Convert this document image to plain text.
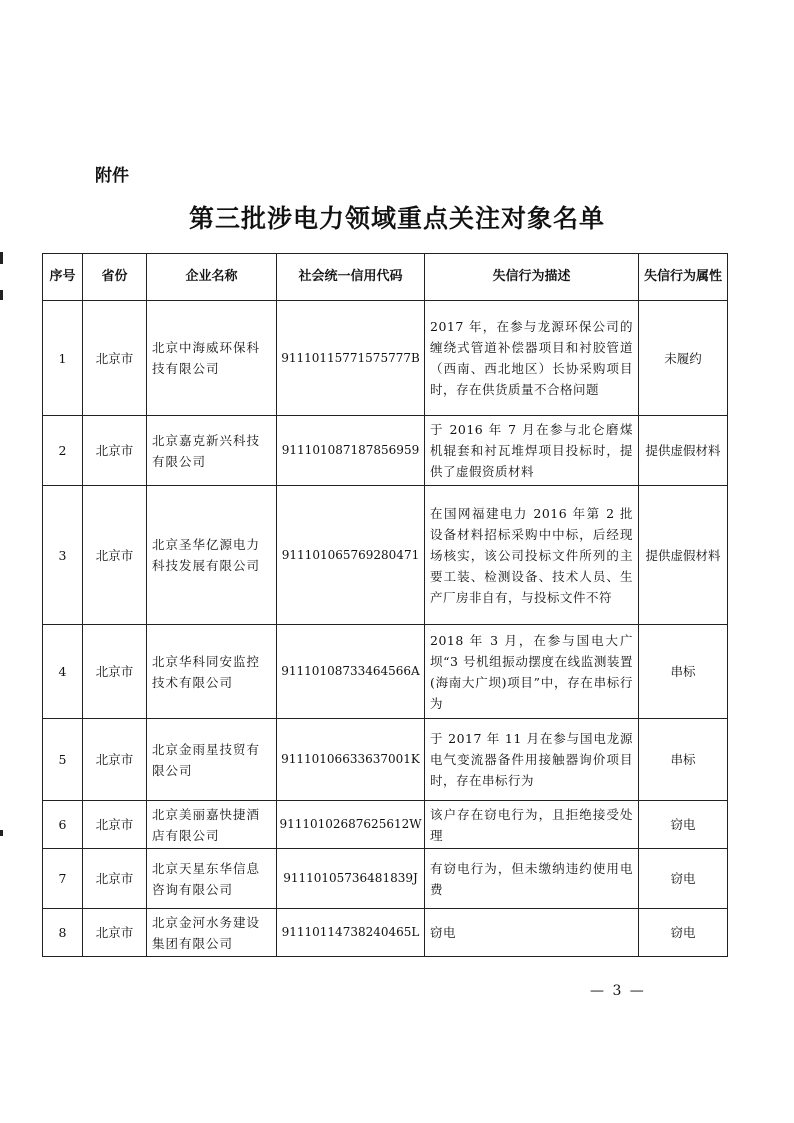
附件
第三批涉电力领域重点关注对象名单
序号	省份	企业名称	社会统一信用代码	失信行为描述	失信行为属性
1	北京市	北京中海威环保科技有限公司	91110115771575777B	2017 年，在参与龙源环保公司的缠绕式管道补偿器项目和衬胶管道（西南、西北地区）长协采购项目时，存在供货质量不合格问题	未履约
2	北京市	北京嘉克新兴科技有限公司	911101087187856959	于 2016 年 7 月在参与北仑磨煤机辊套和衬瓦堆焊项目投标时，提供了虚假资质材料	提供虚假材料
3	北京市	北京圣华亿源电力科技发展有限公司	911101065769280471	在国网福建电力 2016 年第 2 批设备材料招标采购中中标，后经现场核实，该公司投标文件所列的主要工装、检测设备、技术人员、生产厂房非自有，与投标文件不符	提供虚假材料
4	北京市	北京华科同安监控技术有限公司	91110108733464566A	2018 年 3 月，在参与国电大广坝“3 号机组振动摆度在线监测装置(海南大广坝)项目”中，存在串标行为	串标
5	北京市	北京金雨星技贸有限公司	91110106633637001K	于 2017 年 11 月在参与国电龙源电气变流器备件用接触器询价项目时，存在串标行为	串标
6	北京市	北京美丽嘉快捷酒店有限公司	91110102687625612W	该户存在窃电行为，且拒绝接受处理	窃电
7	北京市	北京天星东华信息咨询有限公司	91110105736481839J	有窃电行为，但未缴纳违约使用电费	窃电
8	北京市	北京金河水务建设集团有限公司	91110114738240465L	窃电	窃电
— 3 —
